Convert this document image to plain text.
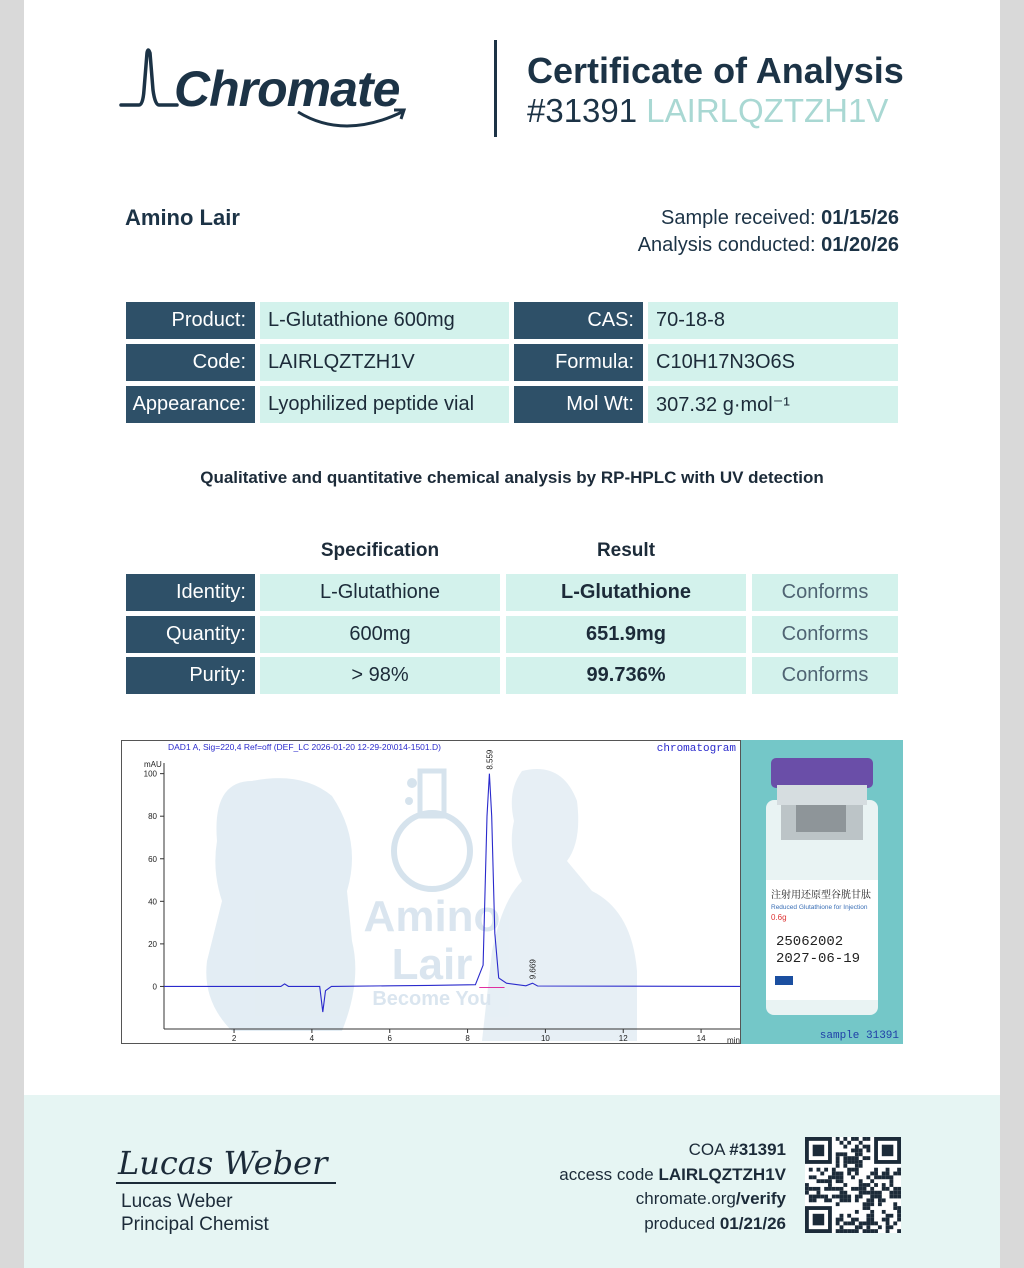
Chromate	Certificate of Analysis
#31391 LAIRLQZTZH1V
Amino Lair	Sample received: 01/15/26
Analysis conducted: 01/20/26
Product:	L-Glutathione 600mg	CAS:	70-18-8
Code:	LAIRLQZTZH1V	Formula:	C10H17N3O6S
Appearance:	Lyophilized peptide vial	Mol Wt:	307.32 g·mol⁻¹
Qualitative and quantitative chemical analysis by RP-HPLC with UV detection
Specification	Result
Identity:	L-Glutathione	L-Glutathione	Conforms
Quantity:	600mg	651.9mg	Conforms
Purity:	> 98%	99.736%	Conforms
Amino
Lair
Become You
DAD1 A, Sig=220,4 Ref=off (DEF_LC 2026-01-20 12-29-20\014-1501.D)	chromatogram
mAU
min
0
20
40
60
80
100
2	4	6	8	10	12	14
8.559
9.669
注射用还原型谷胱甘肽
Reduced Glutathione for Injection
0.6g
25062002
2027-06-19
sample 31391
Lucas Weber
Lucas Weber
Principal Chemist
COA #31391
access code LAIRLQZTZH1V
chromate.org/verify
produced 01/21/26
